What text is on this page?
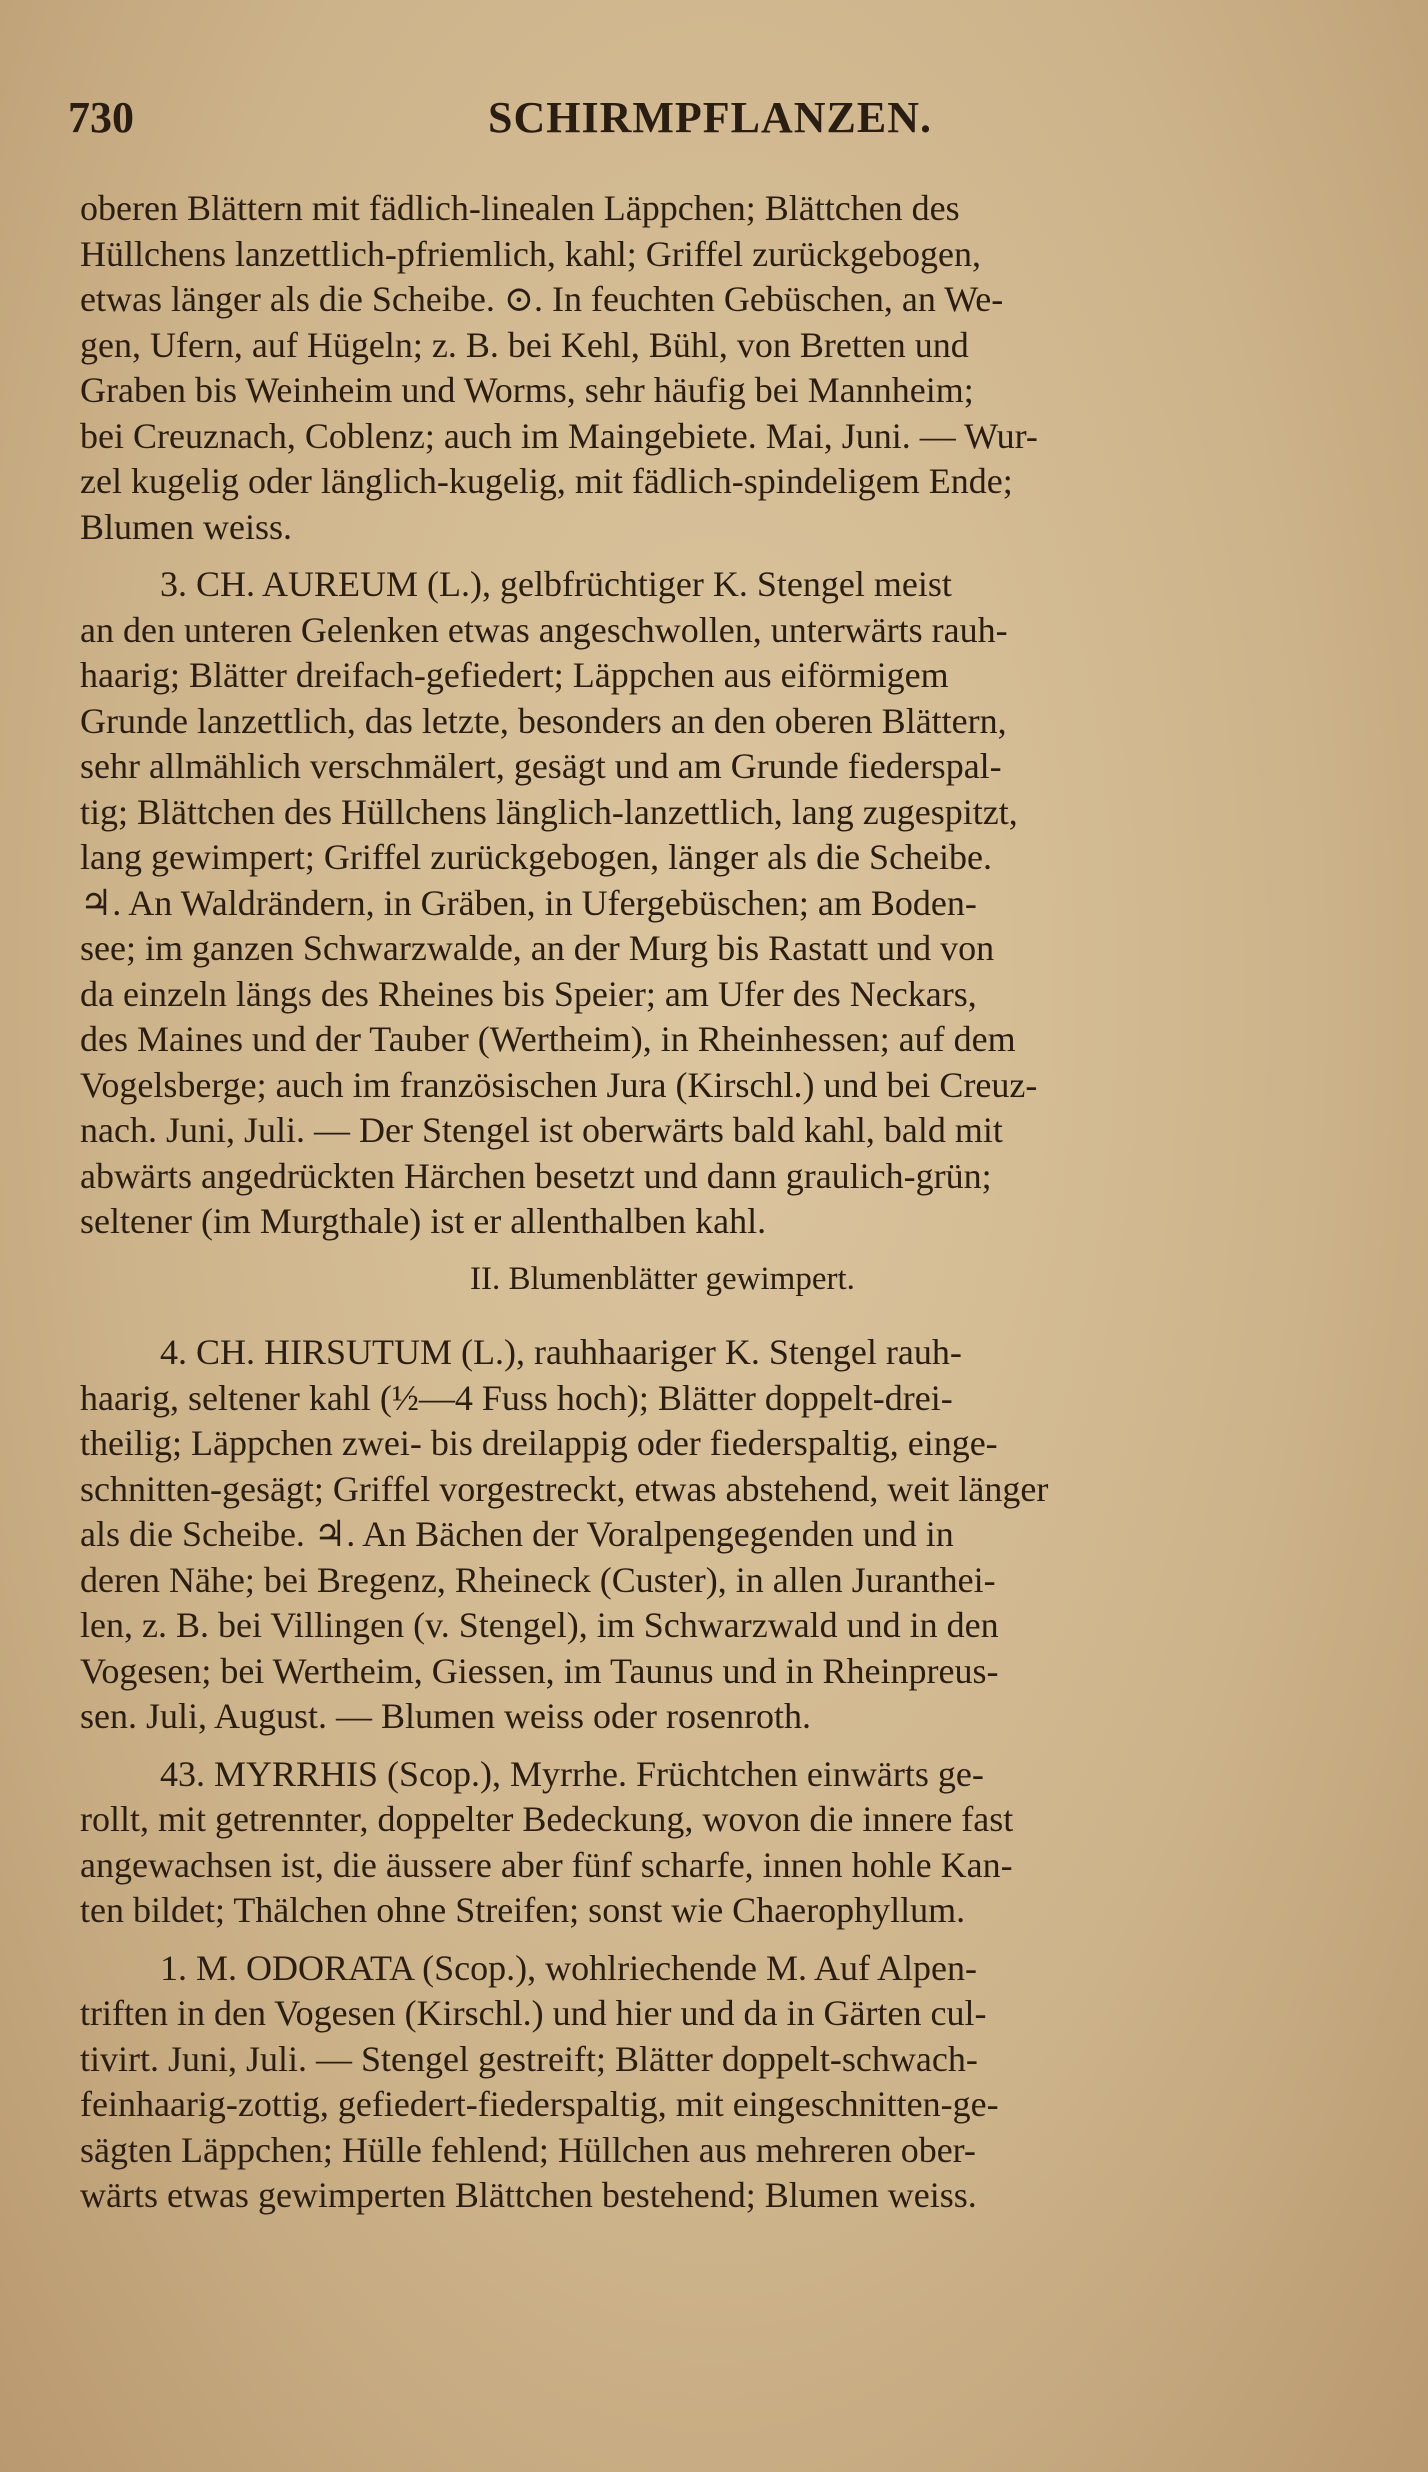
730	SCHIRMPFLANZEN.
oberen Blättern mit fädlich-linealen Läppchen; Blättchen des
Hüllchens lanzettlich-pfriemlich, kahl; Griffel zurückgebogen,
etwas länger als die Scheibe. ⊙. In feuchten Gebüschen, an We-
gen, Ufern, auf Hügeln; z. B. bei Kehl, Bühl, von Bretten und
Graben bis Weinheim und Worms, sehr häufig bei Mannheim;
bei Creuznach, Coblenz; auch im Maingebiete. Mai, Juni. — Wur-
zel kugelig oder länglich-kugelig, mit fädlich-spindeligem Ende;
Blumen weiss.
3. CH. AUREUM (L.), gelbfrüchtiger K. Stengel meist
an den unteren Gelenken etwas angeschwollen, unterwärts rauh-
haarig; Blätter dreifach-gefiedert; Läppchen aus eiförmigem
Grunde lanzettlich, das letzte, besonders an den oberen Blättern,
sehr allmählich verschmälert, gesägt und am Grunde fiederspal-
tig; Blättchen des Hüllchens länglich-lanzettlich, lang zugespitzt,
lang gewimpert; Griffel zurückgebogen, länger als die Scheibe.
♃. An Waldrändern, in Gräben, in Ufergebüschen; am Boden-
see; im ganzen Schwarzwalde, an der Murg bis Rastatt und von
da einzeln längs des Rheines bis Speier; am Ufer des Neckars,
des Maines und der Tauber (Wertheim), in Rheinhessen; auf dem
Vogelsberge; auch im französischen Jura (Kirschl.) und bei Creuz-
nach. Juni, Juli. — Der Stengel ist oberwärts bald kahl, bald mit
abwärts angedrückten Härchen besetzt und dann graulich-grün;
seltener (im Murgthale) ist er allenthalben kahl.
II. Blumenblätter gewimpert.
4. CH. HIRSUTUM (L.), rauhhaariger K. Stengel rauh-
haarig, seltener kahl (½—4 Fuss hoch); Blätter doppelt-drei-
theilig; Läppchen zwei- bis dreilappig oder fiederspaltig, einge-
schnitten-gesägt; Griffel vorgestreckt, etwas abstehend, weit länger
als die Scheibe. ♃. An Bächen der Voralpengegenden und in
deren Nähe; bei Bregenz, Rheineck (Custer), in allen Juranthei-
len, z. B. bei Villingen (v. Stengel), im Schwarzwald und in den
Vogesen; bei Wertheim, Giessen, im Taunus und in Rheinpreus-
sen. Juli, August. — Blumen weiss oder rosenroth.
43. MYRRHIS (Scop.), Myrrhe. Früchtchen einwärts ge-
rollt, mit getrennter, doppelter Bedeckung, wovon die innere fast
angewachsen ist, die äussere aber fünf scharfe, innen hohle Kan-
ten bildet; Thälchen ohne Streifen; sonst wie Chaerophyllum.
1. M. ODORATA (Scop.), wohlriechende M. Auf Alpen-
triften in den Vogesen (Kirschl.) und hier und da in Gärten cul-
tivirt. Juni, Juli. — Stengel gestreift; Blätter doppelt-schwach-
feinhaarig-zottig, gefiedert-fiederspaltig, mit eingeschnitten-ge-
sägten Läppchen; Hülle fehlend; Hüllchen aus mehreren ober-
wärts etwas gewimperten Blättchen bestehend; Blumen weiss.
